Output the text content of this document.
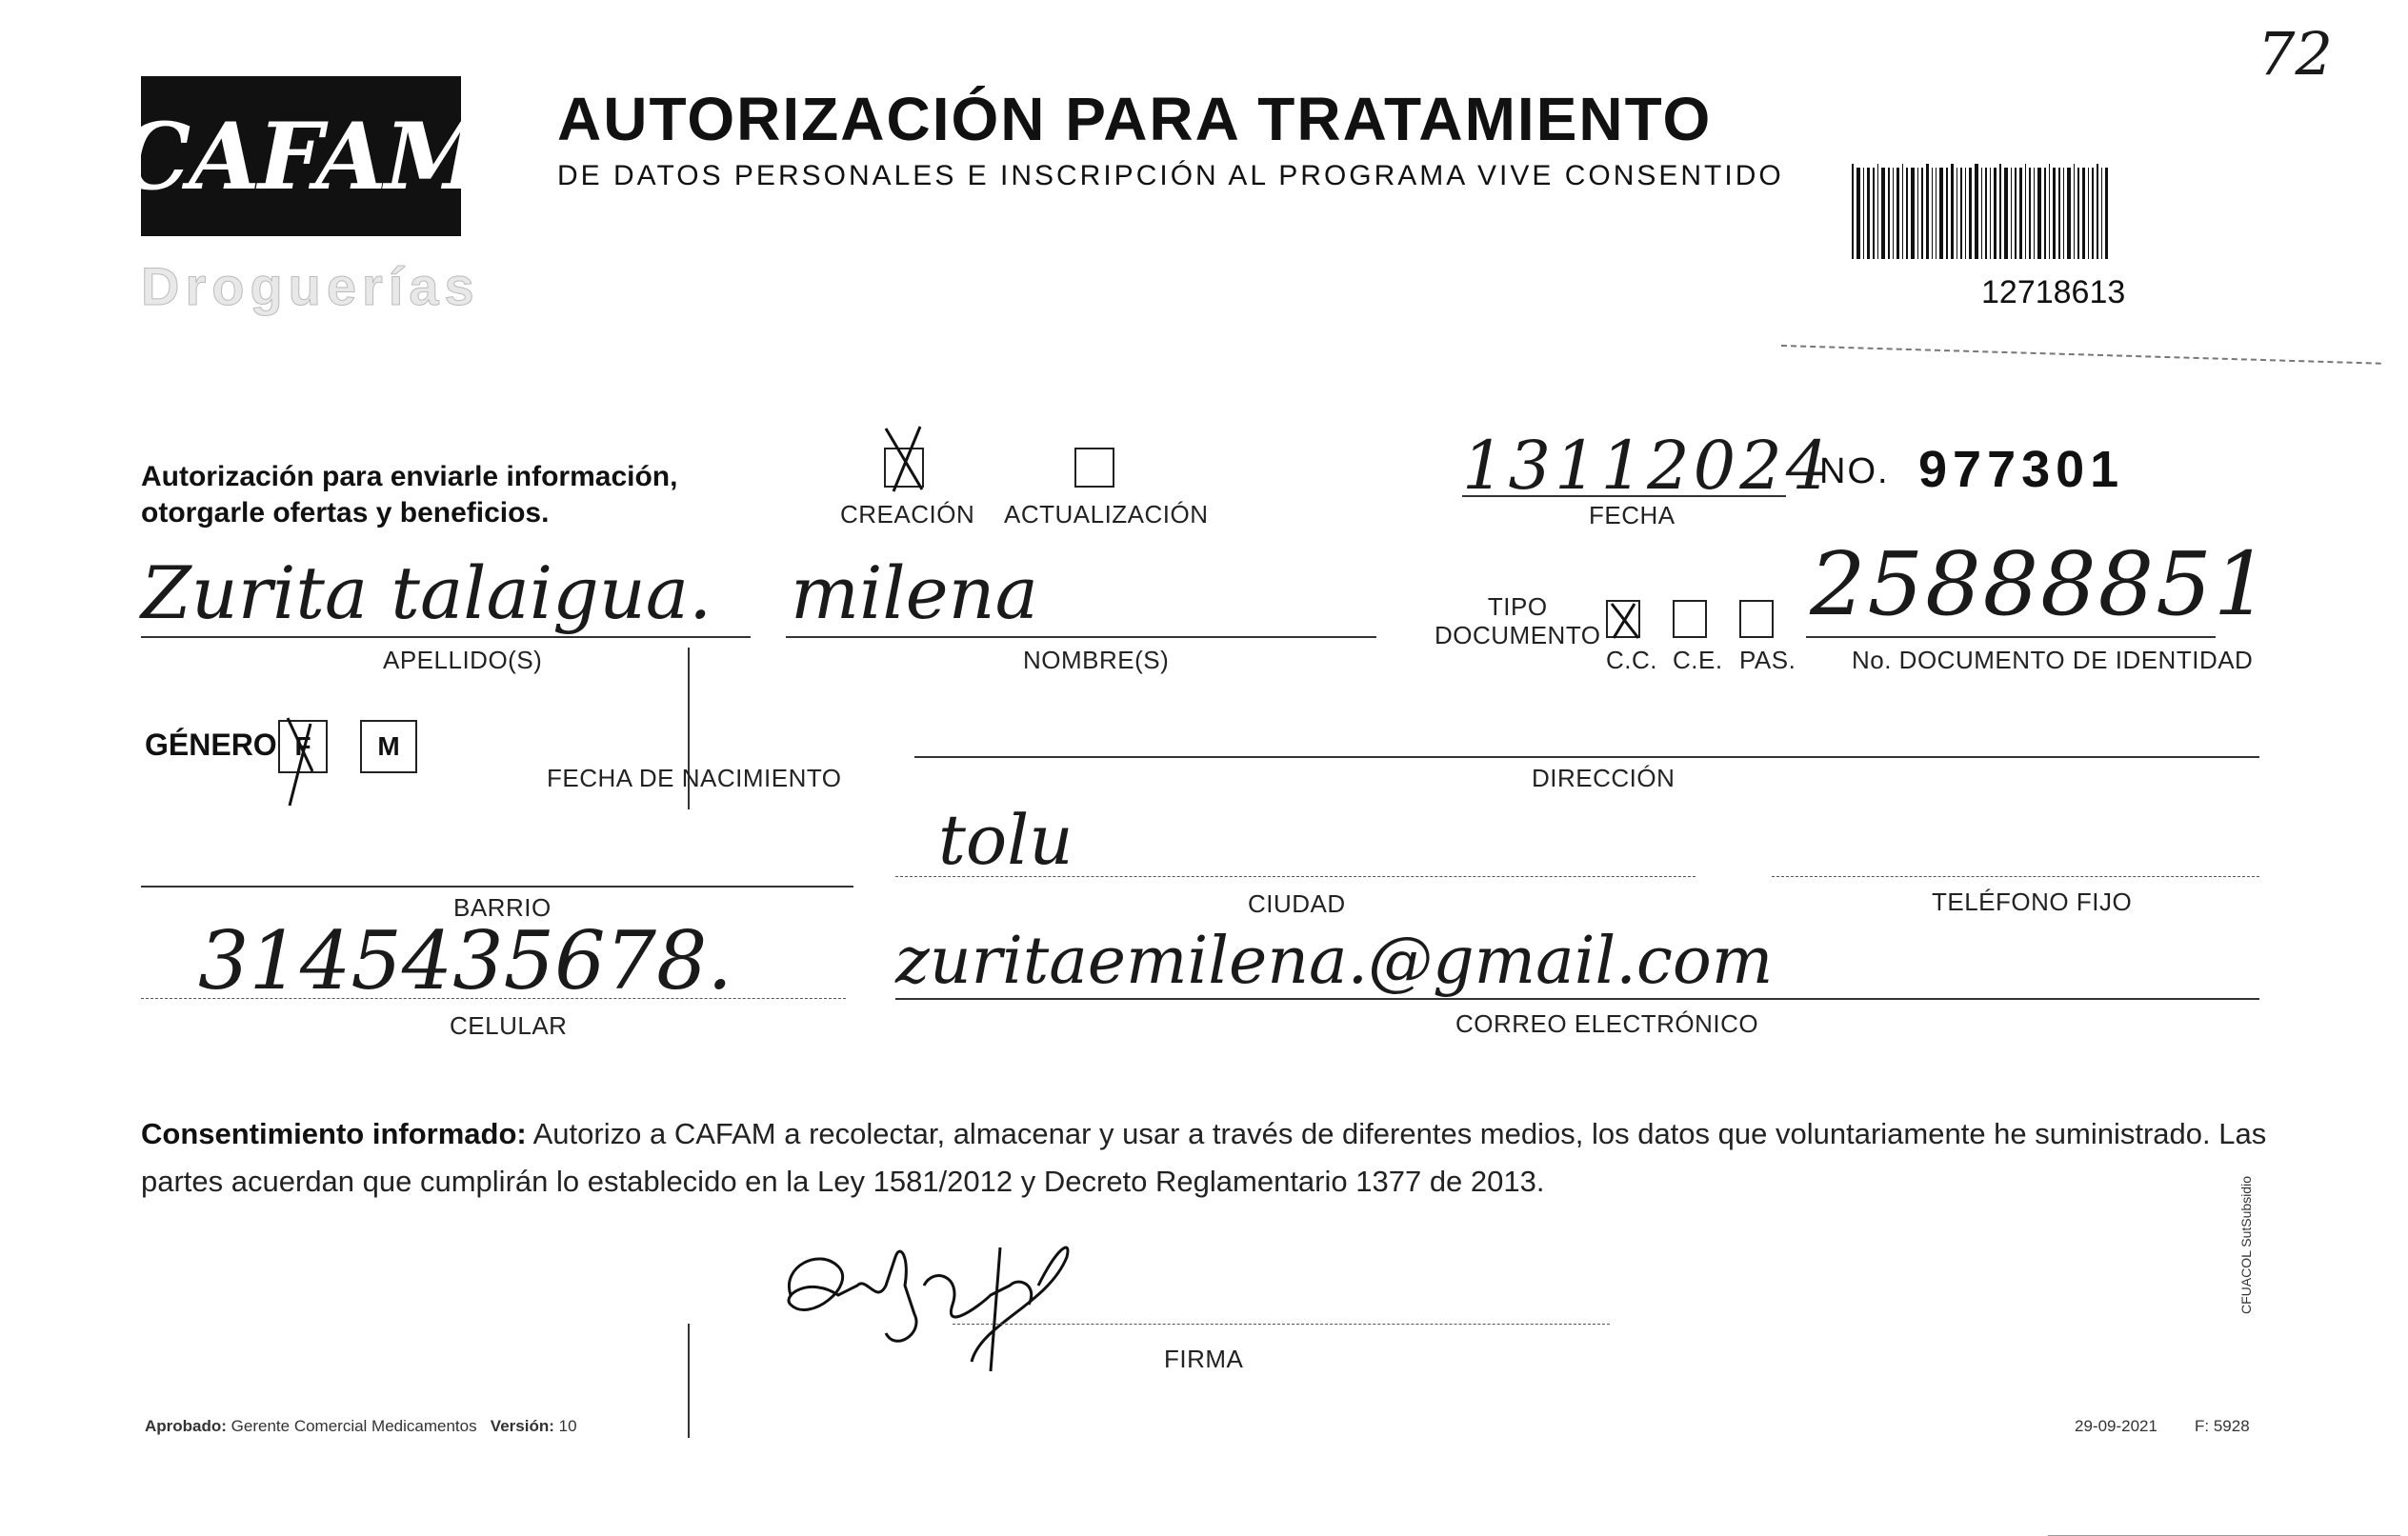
72
CAFAM
Droguerías
AUTORIZACIÓN PARA TRATAMIENTO
DE DATOS PERSONALES E INSCRIPCIÓN AL PROGRAMA VIVE CONSENTIDO
12718613
Autorización para enviarle información,
otorgarle ofertas y beneficios.	CREACIÓN ACTUALIZACIÓN
13112024
FECHA
NO. 977301
Zurita talaigua.
APELLIDO(S)
milena
NOMBRE(S)
TIPO
DOCUMENTO
C.C. C.E. PAS.
25888851
No. DOCUMENTO DE IDENTIDAD
GÉNERO F M
FECHA DE NACIMIENTO	DIRECCIÓN
BARRIO
tolu
CIUDAD	TELÉFONO FIJO
3145435678.
CELULAR
zuritaemilena.@gmail.com
CORREO ELECTRÓNICO
Consentimiento informado: Autorizo a CAFAM a recolectar, almacenar y usar a través de diferentes medios, los datos que voluntariamente he suministrado. Las partes acuerdan que cumplirán lo establecido en la Ley 1581/2012 y Decreto Reglamentario 1377 de 2013.
FIRMA
Aprobado: Gerente Comercial Medicamentos Versión: 10	29-09-2021 F: 5928
CFUACOL SutSubsidio
